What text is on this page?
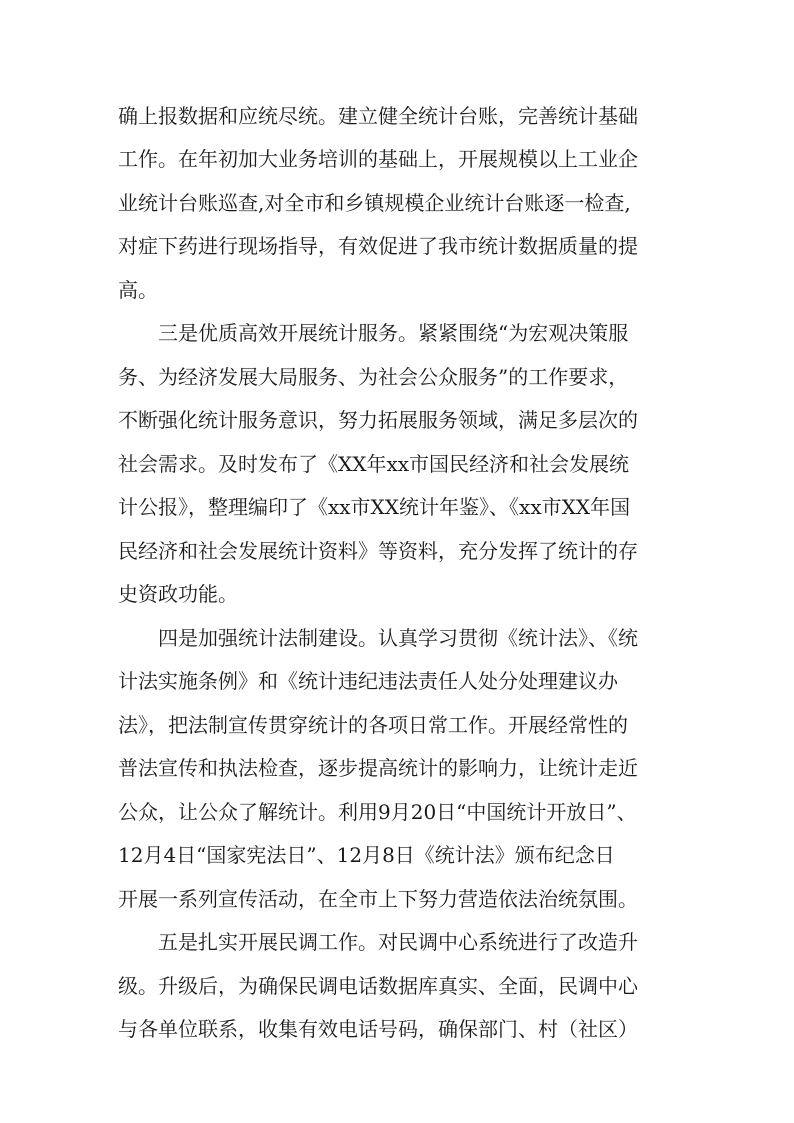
确上报数据和应统尽统。建立健全统计台账，完善统计基础
工作。在年初加大业务培训的基础上，开展规模以上工业企
业统计台账巡查,对全市和乡镇规模企业统计台账逐一检查,
对症下药进行现场指导，有效促进了我市统计数据质量的提
高。
三是优质高效开展统计服务。紧紧围绕“为宏观决策服
务、为经济发展大局服务、为社会公众服务”的工作要求，
不断强化统计服务意识，努力拓展服务领域，满足多层次的
社会需求。及时发布了《XX年xx市国民经济和社会发展统
计公报》，整理编印了《xx市XX统计年鉴》、《xx市XX年国
民经济和社会发展统计资料》等资料，充分发挥了统计的存
史资政功能。
四是加强统计法制建设。认真学习贯彻《统计法》、《统
计法实施条例》和《统计违纪违法责任人处分处理建议办
法》，把法制宣传贯穿统计的各项日常工作。开展经常性的
普法宣传和执法检查，逐步提高统计的影响力，让统计走近
公众，让公众了解统计。利用9月20日“中国统计开放日”、
12月4日“国家宪法日”、12月8日《统计法》颁布纪念日
开展一系列宣传活动，在全市上下努力营造依法治统氛围。
五是扎实开展民调工作。对民调中心系统进行了改造升
级。升级后，为确保民调电话数据库真实、全面，民调中心
与各单位联系，收集有效电话号码，确保部门、村（社区）
